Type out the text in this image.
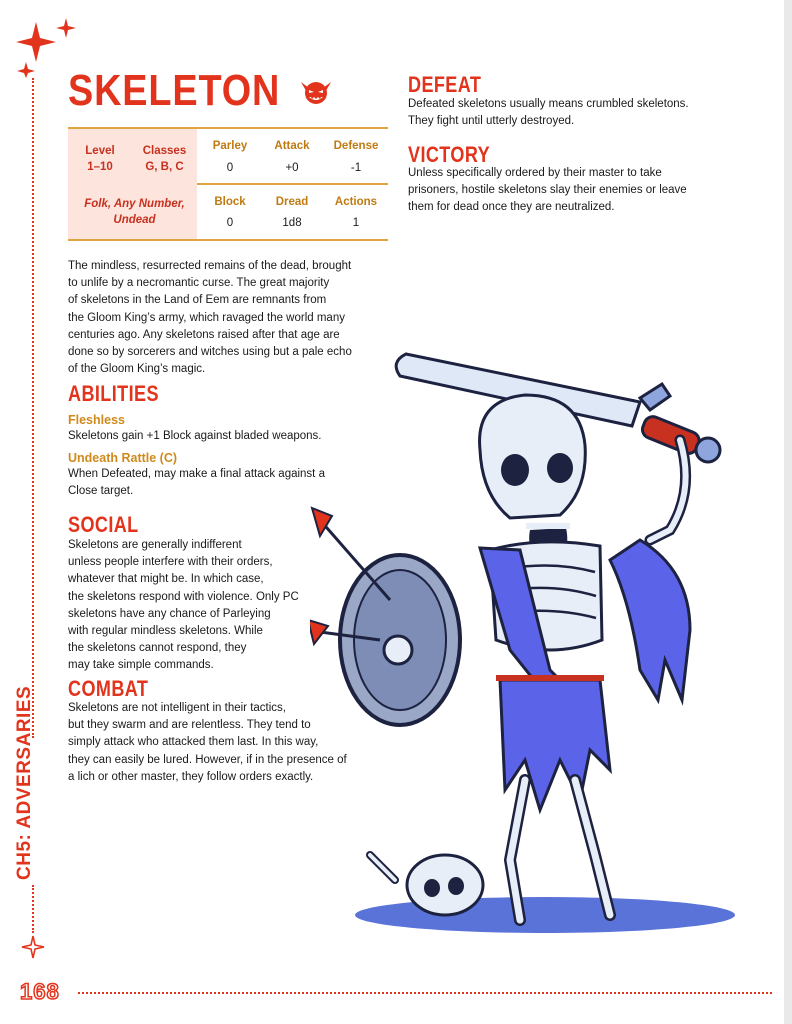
CH5: ADVERSARIES
168
SKELETON
Level
1–10
Classes
G, B, C
Parley
0
Attack
+0
Defense
-1
Folk, Any Number, Undead
Block
0
Dread
1d8
Actions
1
The mindless, resurrected remains of the dead, brought
to unlife by a necromantic curse. The great majority
of skeletons in the Land of Eem are remnants from
the Gloom King’s army, which ravaged the world many
centuries ago. Any skeletons raised after that age are
done so by sorcerers and witches using but a pale echo
of the Gloom King’s magic.
ABILITIES
Fleshless
Skeletons gain +1 Block against bladed weapons.
Undeath Rattle (C)
When Defeated, may make a final attack against a
Close target.
SOCIAL
Skeletons are generally indifferent
unless people interfere with their orders,
whatever that might be. In which case,
the skeletons respond with violence. Only PC
skeletons have any chance of Parleying
with regular mindless skeletons. While
the skeletons cannot respond, they
may take simple commands.
COMBAT
Skeletons are not intelligent in their tactics,
but they swarm and are relentless. They tend to
simply attack who attacked them last. In this way,
they can easily be lured. However, if in the presence of
a lich or other master, they follow orders exactly.
DEFEAT
Defeated skeletons usually means crumbled skeletons.
They fight until utterly destroyed.
VICTORY
Unless specifically ordered by their master to take
prisoners, hostile skeletons slay their enemies or leave
them for dead once they are neutralized.
